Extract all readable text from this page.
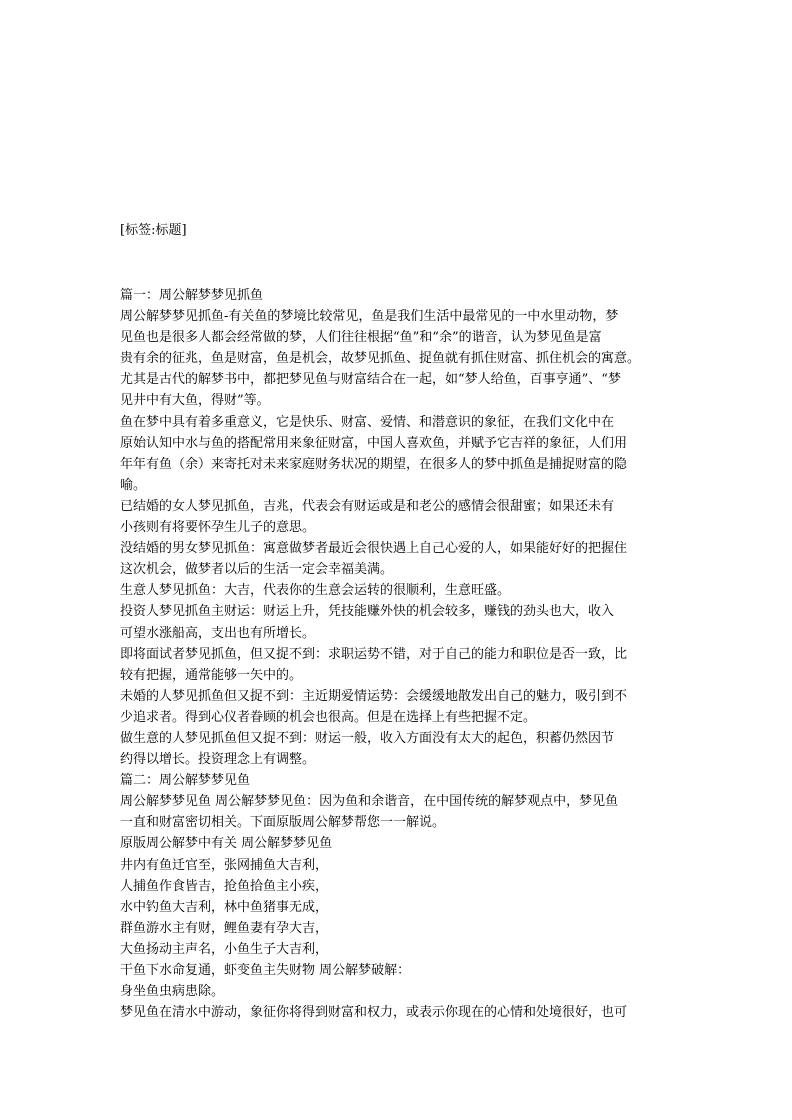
[标签:标题]
篇一：周公解梦梦见抓鱼
周公解梦梦见抓鱼-有关鱼的梦境比较常见，鱼是我们生活中最常见的一中水里动物，梦
见鱼也是很多人都会经常做的梦，人们往往根据“鱼”和“余”的谐音，认为梦见鱼是富
贵有余的征兆，鱼是财富，鱼是机会，故梦见抓鱼、捉鱼就有抓住财富、抓住机会的寓意。
尤其是古代的解梦书中，都把梦见鱼与财富结合在一起，如“梦人给鱼，百事亨通”、“梦
见井中有大鱼，得财”等。
鱼在梦中具有着多重意义，它是快乐、财富、爱情、和潜意识的象征，在我们文化中在
原始认知中水与鱼的搭配常用来象征财富，中国人喜欢鱼，并赋予它吉祥的象征，人们用
年年有鱼（余）来寄托对未来家庭财务状况的期望，在很多人的梦中抓鱼是捕捉财富的隐
喻。
已结婚的女人梦见抓鱼，吉兆，代表会有财运或是和老公的感情会很甜蜜；如果还未有
小孩则有将要怀孕生儿子的意思。
没结婚的男女梦见抓鱼：寓意做梦者最近会很快遇上自己心爱的人，如果能好好的把握住
这次机会，做梦者以后的生活一定会幸福美满。
生意人梦见抓鱼：大吉，代表你的生意会运转的很顺利，生意旺盛。
投资人梦见抓鱼主财运：财运上升，凭技能赚外快的机会较多，赚钱的劲头也大，收入
可望水涨船高，支出也有所增长。
即将面试者梦见抓鱼，但又捉不到：求职运势不错，对于自己的能力和职位是否一致，比
较有把握，通常能够一矢中的。
未婚的人梦见抓鱼但又捉不到：主近期爱情运势：会缓缓地散发出自己的魅力，吸引到不
少追求者。得到心仪者眷顾的机会也很高。但是在选择上有些把握不定。
做生意的人梦见抓鱼但又捉不到：财运一般，收入方面没有太大的起色，积蓄仍然因节
约得以增长。投资理念上有调整。
篇二：周公解梦梦见鱼
周公解梦梦见鱼 周公解梦梦见鱼：因为鱼和余谐音，在中国传统的解梦观点中，梦见鱼
一直和财富密切相关。下面原版周公解梦帮您一一解说。
原版周公解梦中有关 周公解梦梦见鱼
井内有鱼迁官至，张网捕鱼大吉利，
人捕鱼作食皆吉，抢鱼拾鱼主小疾，
水中钓鱼大吉利，林中鱼猪事无成，
群鱼游水主有财，鲤鱼妻有孕大吉，
大鱼扬动主声名，小鱼生子大吉利，
干鱼下水命复通，虾变鱼主失财物 周公解梦破解：
身坐鱼虫病患除。
梦见鱼在清水中游动，象征你将得到财富和权力，或表示你现在的心情和处境很好，也可
